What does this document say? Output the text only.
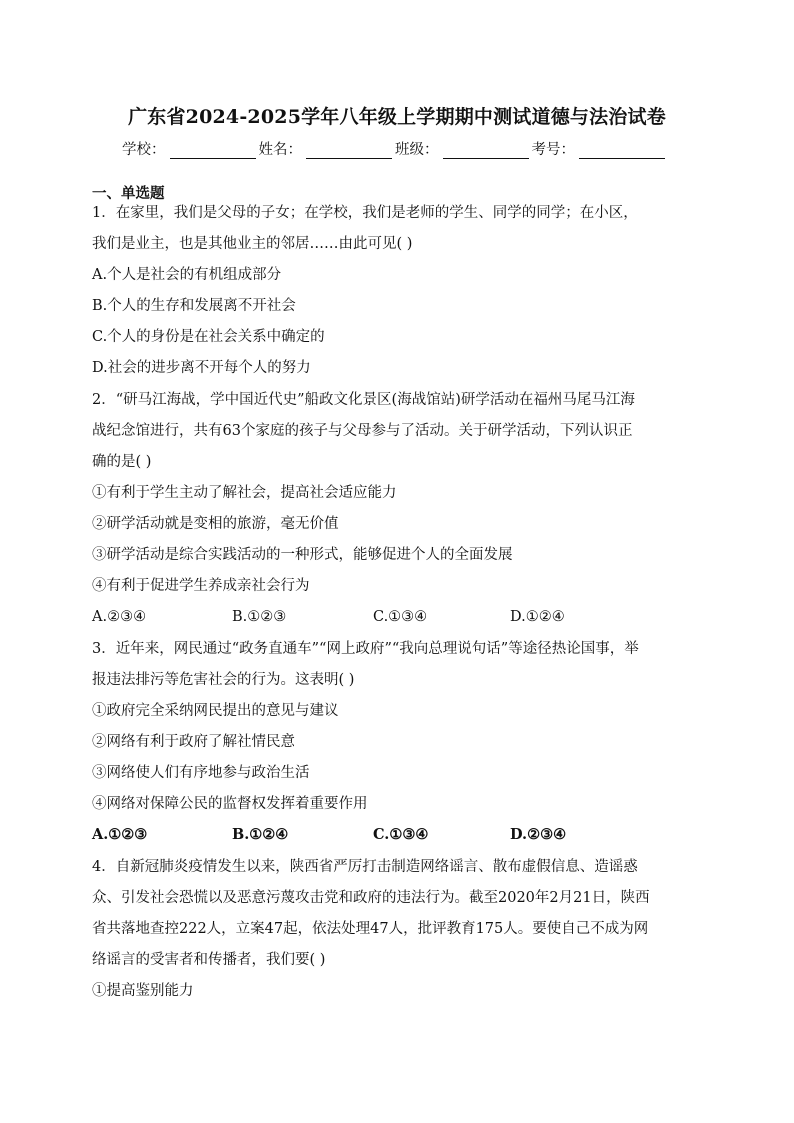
广东省2024-2025学年八年级上学期期中测试道德与法治试卷
学校：	姓名：	班级：	考号：
一、单选题
1．在家里，我们是父母的子女；在学校，我们是老师的学生、同学的同学；在小区，
我们是业主，也是其他业主的邻居……由此可见( )
A.个人是社会的有机组成部分
B.个人的生存和发展离不开社会
C.个人的身份是在社会关系中确定的
D.社会的进步离不开每个人的努力
2．“研马江海战，学中国近代史”船政文化景区(海战馆站)研学活动在福州马尾马江海
战纪念馆进行，共有63个家庭的孩子与父母参与了活动。关于研学活动，下列认识正
确的是( )
①有利于学生主动了解社会，提高社会适应能力
②研学活动就是变相的旅游，毫无价值
③研学活动是综合实践活动的一种形式，能够促进个人的全面发展
④有利于促进学生养成亲社会行为
A.②③④	B.①②③	C.①③④	D.①②④
3．近年来，网民通过“政务直通车”“网上政府”“我向总理说句话”等途径热论国事，举
报违法排污等危害社会的行为。这表明( )
①政府完全采纳网民提出的意见与建议
②网络有利于政府了解社情民意
③网络使人们有序地参与政治生活
④网络对保障公民的监督权发挥着重要作用
A.①②③	B.①②④	C.①③④	D.②③④
4．自新冠肺炎疫情发生以来，陕西省严厉打击制造网络谣言、散布虚假信息、造谣惑
众、引发社会恐慌以及恶意污蔑攻击党和政府的违法行为。截至2020年2月21日，陕西
省共落地查控222人，立案47起，依法处理47人，批评教育175人。要使自己不成为网
络谣言的受害者和传播者，我们要( )
①提高鉴别能力
